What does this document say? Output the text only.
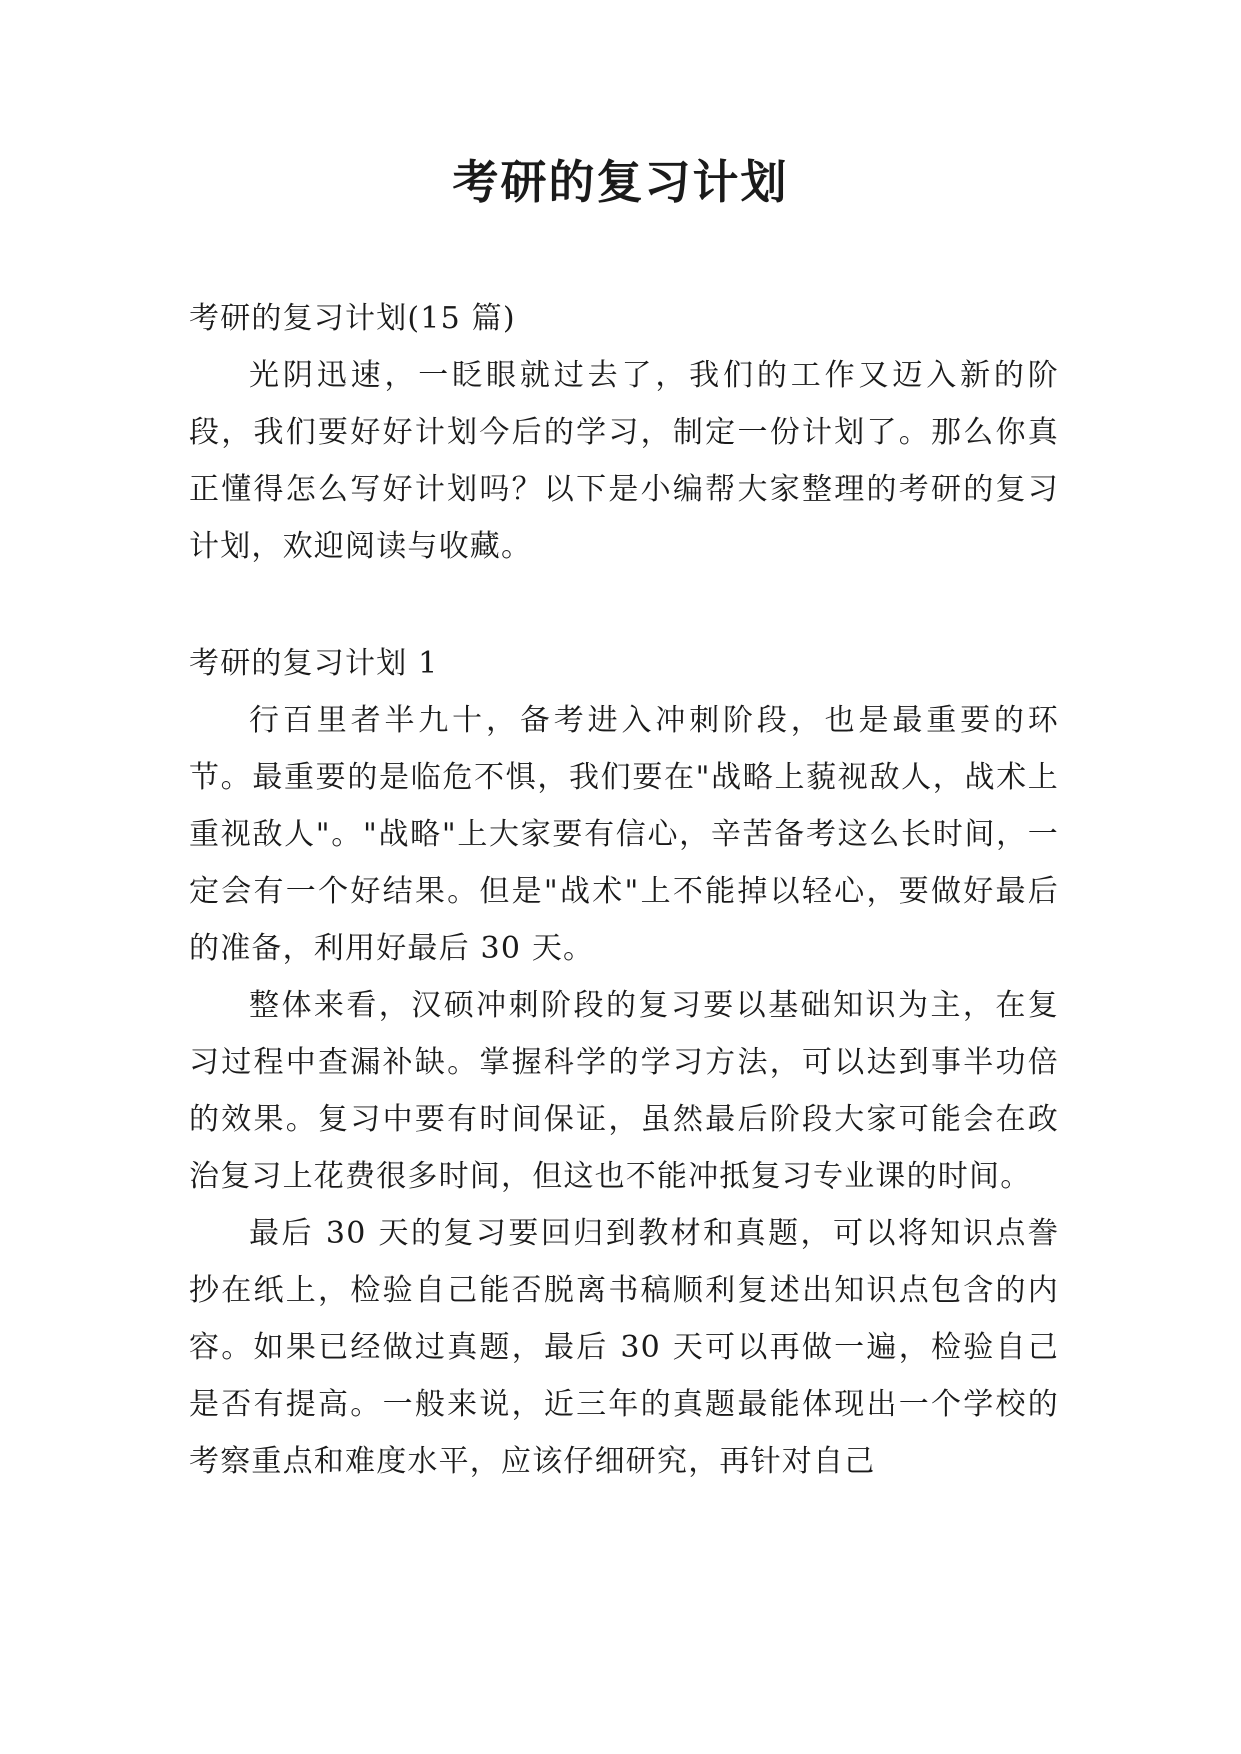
考研的复习计划

考研的复习计划(15 篇)

光阴迅速，一眨眼就过去了，我们的工作又迈入新的阶段，我们要好好计划今后的学习，制定一份计划了。那么你真正懂得怎么写好计划吗？以下是小编帮大家整理的考研的复习计划，欢迎阅读与收藏。

考研的复习计划 1

行百里者半九十，备考进入冲刺阶段，也是最重要的环节。最重要的是临危不惧，我们要在"战略上藐视敌人，战术上重视敌人"。"战略"上大家要有信心，辛苦备考这么长时间，一定会有一个好结果。但是"战术"上不能掉以轻心，要做好最后的准备，利用好最后 30 天。

整体来看，汉硕冲刺阶段的复习要以基础知识为主，在复习过程中查漏补缺。掌握科学的学习方法，可以达到事半功倍的效果。复习中要有时间保证，虽然最后阶段大家可能会在政治复习上花费很多时间，但这也不能冲抵复习专业课的时间。

最后 30 天的复习要回归到教材和真题，可以将知识点誊抄在纸上，检验自己能否脱离书稿顺利复述出知识点包含的内容。如果已经做过真题，最后 30 天可以再做一遍，检验自己是否有提高。一般来说，近三年的真题最能体现出一个学校的考察重点和难度水平，应该仔细研究，再针对自己
